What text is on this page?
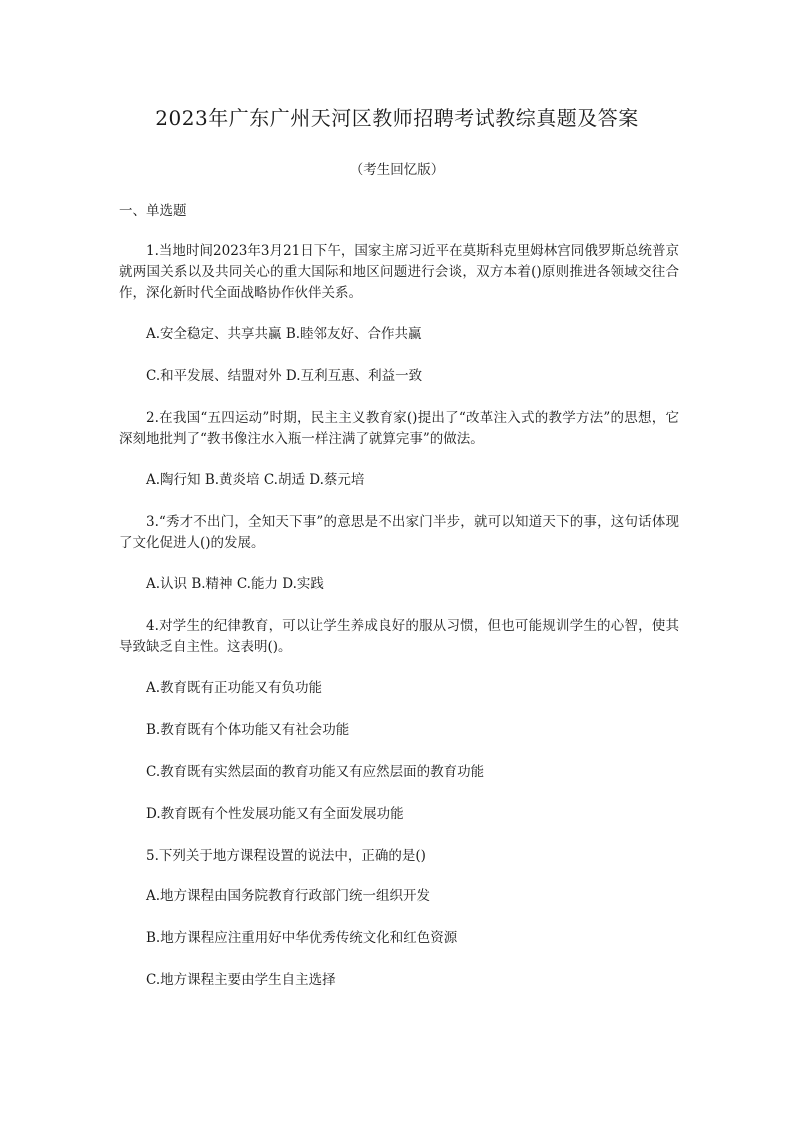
2023年广东广州天河区教师招聘考试教综真题及答案
（考生回忆版）
一、单选题
1.当地时间2023年3月21日下午，国家主席习近平在莫斯科克里姆林宫同俄罗斯总统普京就两国关系以及共同关心的重大国际和地区问题进行会谈，双方本着()原则推进各领域交往合作，深化新时代全面战略协作伙伴关系。
A.安全稳定、共享共赢 B.睦邻友好、合作共赢
C.和平发展、结盟对外 D.互利互惠、利益一致
2.在我国“五四运动”时期，民主主义教育家()提出了“改革注入式的教学方法”的思想，它深刻地批判了“教书像注水入瓶一样注满了就算完事”的做法。
A.陶行知 B.黄炎培 C.胡适 D.蔡元培
3.“秀才不出门，全知天下事”的意思是不出家门半步，就可以知道天下的事，这句话体现了文化促进人()的发展。
A.认识 B.精神 C.能力 D.实践
4.对学生的纪律教育，可以让学生养成良好的服从习惯，但也可能规训学生的心智，使其导致缺乏自主性。这表明()。
A.教育既有正功能又有负功能
B.教育既有个体功能又有社会功能
C.教育既有实然层面的教育功能又有应然层面的教育功能
D.教育既有个性发展功能又有全面发展功能
5.下列关于地方课程设置的说法中，正确的是()
A.地方课程由国务院教育行政部门统一组织开发
B.地方课程应注重用好中华优秀传统文化和红色资源
C.地方课程主要由学生自主选择
